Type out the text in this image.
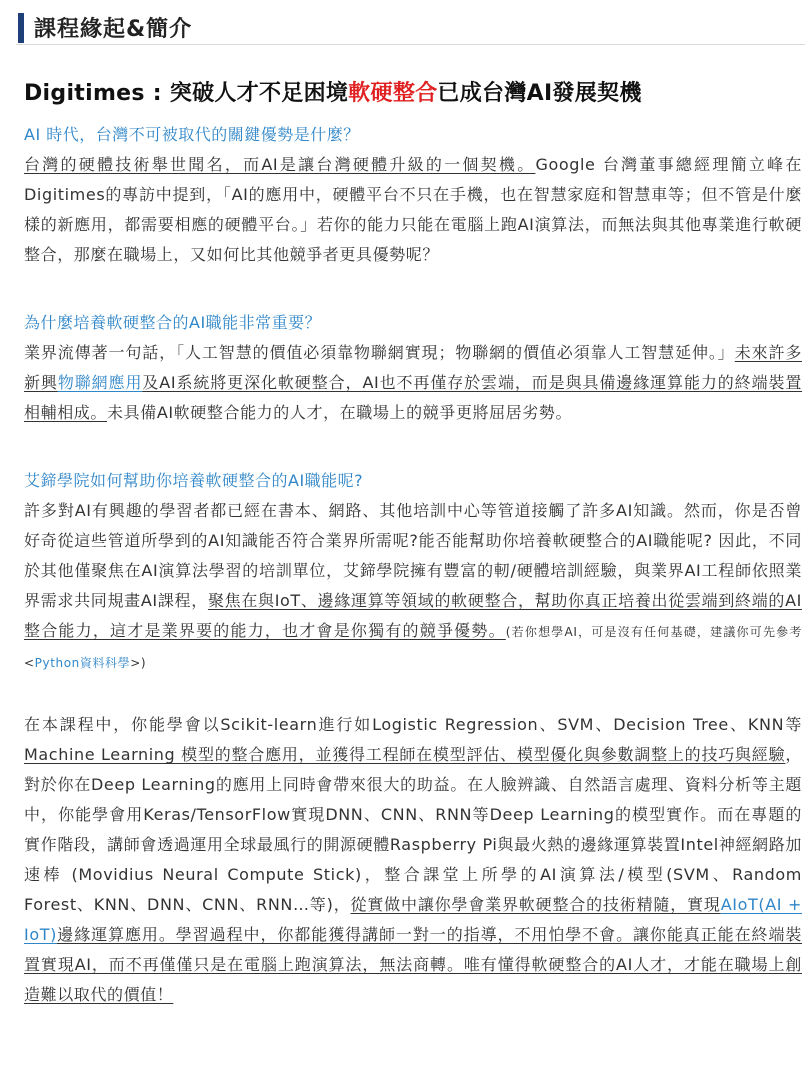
課程緣起&簡介
Digitimes : 突破人才不足困境軟硬整合已成台灣AI發展契機

AI 時代，台灣不可被取代的關鍵優勢是什麼？

台灣的硬體技術舉世聞名，而AI是讓台灣硬體升級的一個契機。Google 台灣董事總經理簡立峰在Digitimes的專訪中提到，「AI的應用中，硬體平台不只在手機，也在智慧家庭和智慧車等；但不管是什麼樣的新應用，都需要相應的硬體平台。」若你的能力只能在電腦上跑AI演算法，而無法與其他專業進行軟硬整合，那麼在職場上，又如何比其他競爭者更具優勢呢？

為什麼培養軟硬整合的AI職能非常重要？

業界流傳著一句話，「人工智慧的價值必須靠物聯網實現；物聯網的價值必須靠人工智慧延伸。」未來許多新興物聯網應用及AI系統將更深化軟硬整合，AI也不再僅存於雲端，而是與具備邊緣運算能力的終端裝置相輔相成。未具備AI軟硬整合能力的人才，在職場上的競爭更將屈居劣勢。

艾鍗學院如何幫助你培養軟硬整合的AI職能呢?

許多對AI有興趣的學習者都已經在書本、網路、其他培訓中心等管道接觸了許多AI知識。然而，你是否曾好奇從這些管道所學到的AI知識能否符合業界所需呢?能否能幫助你培養軟硬整合的AI職能呢? 因此，不同於其他僅聚焦在AI演算法學習的培訓單位，艾鍗學院擁有豐富的軔/硬體培訓經驗，與業界AI工程師依照業界需求共同規畫AI課程，聚焦在與IoT、邊緣運算等領域的軟硬整合，幫助你真正培養出從雲端到終端的AI整合能力，這才是業界要的能力，也才會是你獨有的競爭優勢。(若你想學AI，可是沒有任何基礎，建議你可先參考<Python資料科學>)

在本課程中，你能學會以Scikit-learn進行如Logistic Regression、SVM、Decision Tree、KNN等Machine Learning 模型的整合應用，並獲得工程師在模型評估、模型優化與參數調整上的技巧與經驗，對於你在Deep Learning的應用上同時會帶來很大的助益。在人臉辨識、自然語言處理、資料分析等主題中，你能學會用Keras/TensorFlow實現DNN、CNN、RNN等Deep Learning的模型實作。而在專題的實作階段，講師會透過運用全球最風行的開源硬體Raspberry Pi與最火熱的邊緣運算裝置Intel神經網路加速棒 (Movidius Neural Compute Stick)，整合課堂上所學的AI演算法/模型(SVM、Random Forest、KNN、DNN、CNN、RNN…等)，從實做中讓你學會業界軟硬整合的技術精隨，實現AIoT(AI + IoT)邊緣運算應用。學習過程中，你都能獲得講師一對一的指導，不用怕學不會。讓你能真正能在終端裝置實現AI，而不再僅僅只是在電腦上跑演算法，無法商轉。唯有懂得軟硬整合的AI人才，才能在職場上創造難以取代的價值！
